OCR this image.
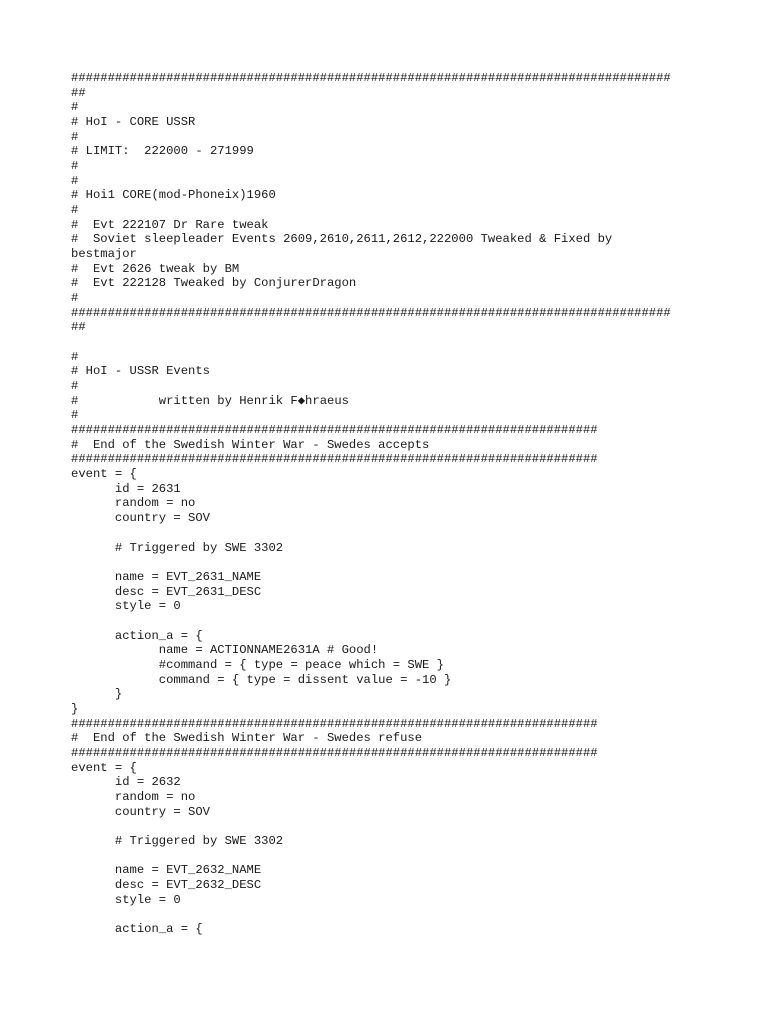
##################################################################################
##
#
# HoI - CORE USSR
#
# LIMIT:  222000 - 271999
#
#
# Hoi1 CORE(mod-Phoneix)1960
#
#  Evt 222107 Dr Rare tweak
#  Soviet sleepleader Events 2609,2610,2611,2612,222000 Tweaked & Fixed by
bestmajor
#  Evt 2626 tweak by BM
#  Evt 222128 Tweaked by ConjurerDragon
#
##################################################################################
##
#
# HoI - USSR Events
#
#           written by Henrik F◆hraeus
#
########################################################################
#  End of the Swedish Winter War - Swedes accepts
########################################################################
event = {
id = 2631
random = no
country = SOV
# Triggered by SWE 3302
name = EVT_2631_NAME
desc = EVT_2631_DESC
style = 0
action_a = {
name = ACTIONNAME2631A # Good!
#command = { type = peace which = SWE }
command = { type = dissent value = -10 }
}
}
########################################################################
#  End of the Swedish Winter War - Swedes refuse
########################################################################
event = {
id = 2632
random = no
country = SOV
# Triggered by SWE 3302
name = EVT_2632_NAME
desc = EVT_2632_DESC
style = 0
action_a = {
